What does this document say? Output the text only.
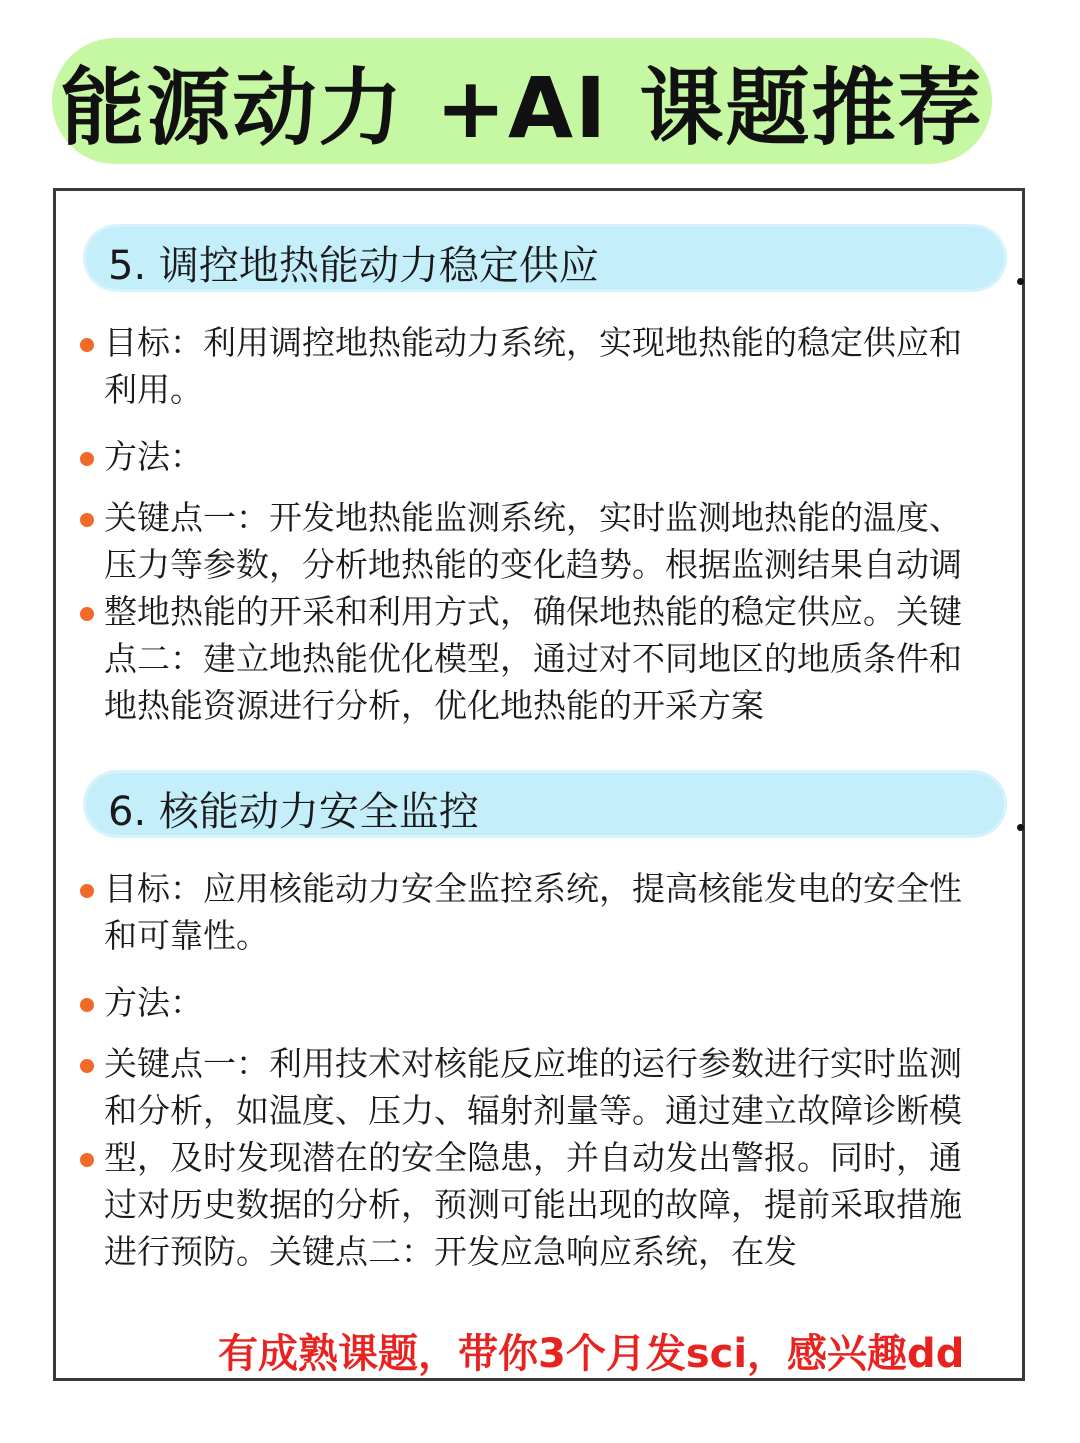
能源动力 +AI 课题推荐
5. 调控地热能动力稳定供应
目标：利用调控地热能动力系统，实现地热能的稳定供应和利用。
方法：
关键点一：开发地热能监测系统，实时监测地热能的温度、压力等参数，分析地热能的变化趋势。根据监测结果自动调整地热能的开采和利用方式，确保地热能的稳定供应。关键点二：建立地热能优化模型，通过对不同地区的地质条件和地热能资源进行分析，优化地热能的开采方案
6. 核能动力安全监控
目标：应用核能动力安全监控系统，提高核能发电的安全性和可靠性。
方法：
关键点一：利用技术对核能反应堆的运行参数进行实时监测和分析，如温度、压力、辐射剂量等。通过建立故障诊断模型，及时发现潜在的安全隐患，并自动发出警报。同时，通过对历史数据的分析，预测可能出现的故障，提前采取措施进行预防。关键点二：开发应急响应系统，在发
有成熟课题，带你3个月发sci，感兴趣dd
